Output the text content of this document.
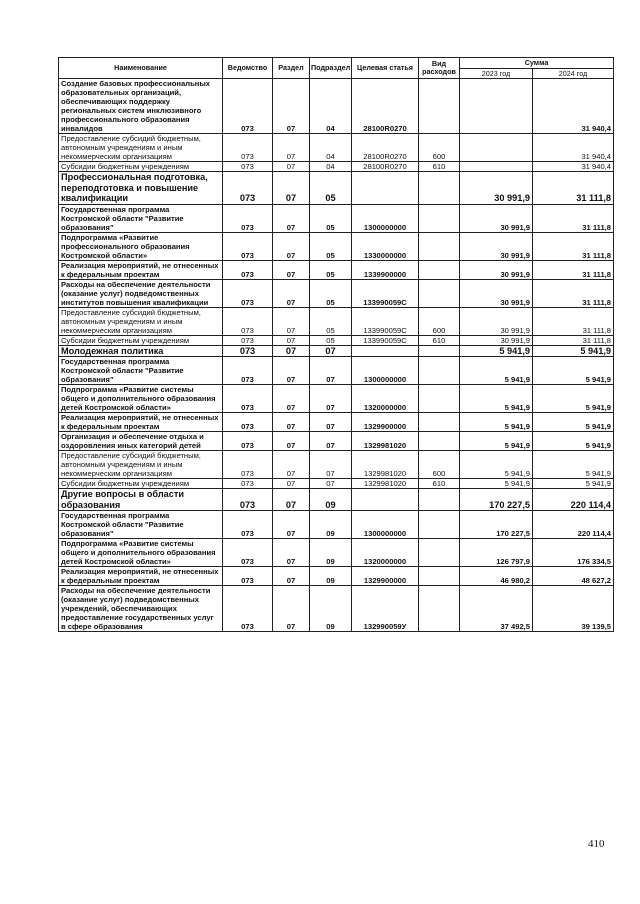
Наименование	Ведомство	Раздел	Подраздел	Целевая статья	Вид расходов	Сумма	
						2023 год	2024 год
Создание базовых профессиональных образовательных организаций, обеспечивающих поддержку региональных систем инклюзивного профессионального образования инвалидов	073	07	04	28100R0270			31 940,4
Предоставление субсидий бюджетным, автономным учреждениям и иным некоммерческим организациям	073	07	04	28100R0270	600		31 940,4
Субсидии бюджетным учреждениям	073	07	04	28100R0270	610		31 940,4
Профессиональная подготовка, переподготовка и повышение квалификации	073	07	05			30 991,9	31 111,8
Государственная программа Костромской области "Развитие образования"	073	07	05	1300000000		30 991,9	31 111,8
Подпрограмма «Развитие профессионального образования Костромской области»	073	07	05	1330000000		30 991,9	31 111,8
Реализация мероприятий, не отнесенных к федеральным проектам	073	07	05	1339900000		30 991,9	31 111,8
Расходы на обеспечение деятельности (оказание услуг) подведомственных институтов повышения квалификации	073	07	05	133990059С		30 991,9	31 111,8
Предоставление субсидий бюджетным, автономным учреждениям и иным некоммерческим организациям	073	07	05	133990059С	600	30 991,9	31 111,8
Субсидии бюджетным учреждениям	073	07	05	133990059С	610	30 991,9	31 111,8
Молодежная политика	073	07	07			5 941,9	5 941,9
Государственная программа Костромской области "Развитие образования"	073	07	07	1300000000		5 941,9	5 941,9
Подпрограмма «Развитие системы общего и дополнительного образования детей Костромской области»	073	07	07	1320000000		5 941,9	5 941,9
Реализация мероприятий, не отнесенных к федеральным проектам	073	07	07	1329900000		5 941,9	5 941,9
Организация и обеспечение отдыха и оздоровления иных категорий детей	073	07	07	1329981020		5 941,9	5 941,9
Предоставление субсидий бюджетным, автономным учреждениям и иным некоммерческим организациям	073	07	07	1329981020	600	5 941,9	5 941,9
Субсидии бюджетным учреждениям	073	07	07	1329981020	610	5 941,9	5 941,9
Другие вопросы в области образования	073	07	09			170 227,5	220 114,4
Государственная программа Костромской области "Развитие образования"	073	07	09	1300000000		170 227,5	220 114,4
Подпрограмма «Развитие системы общего и дополнительного образования детей Костромской области»	073	07	09	1320000000		126 797,9	176 334,5
Реализация мероприятий, не отнесенных к федеральным проектам	073	07	09	1329900000		46 980,2	48 627,2
Расходы на обеспечение деятельности (оказание услуг) подведомственных учреждений, обеспечивающих предоставление государственных услуг в сфере образования	073	07	09	132990059У		37 492,5	39 139,5
410
